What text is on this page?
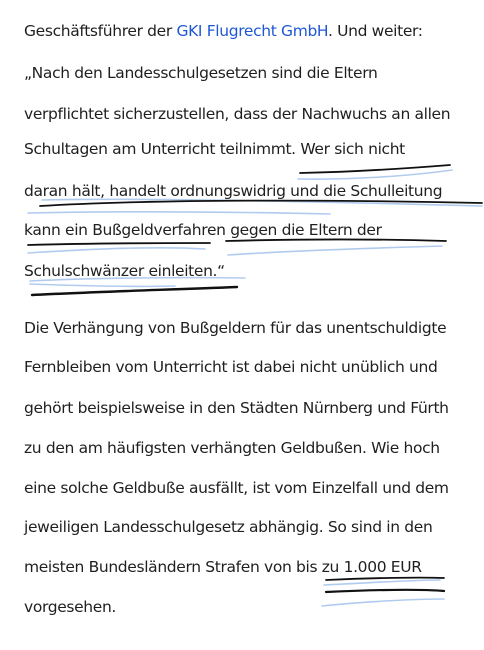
Geschäftsführer der GKI Flugrecht GmbH. Und weiter:
„Nach den Landesschulgesetzen sind die Eltern
verpflichtet sicherzustellen, dass der Nachwuchs an allen
Schultagen am Unterricht teilnimmt. Wer sich nicht
daran hält, handelt ordnungswidrig und die Schulleitung
kann ein Bußgeldverfahren gegen die Eltern der
Schulschwänzer einleiten.“
Die Verhängung von Bußgeldern für das unentschuldigte
Fernbleiben vom Unterricht ist dabei nicht unüblich und
gehört beispielsweise in den Städten Nürnberg und Fürth
zu den am häufigsten verhängten Geldbußen. Wie hoch
eine solche Geldbuße ausfällt, ist vom Einzelfall und dem
jeweiligen Landesschulgesetz abhängig. So sind in den
meisten Bundesländern Strafen von bis zu 1.000 EUR
vorgesehen.
